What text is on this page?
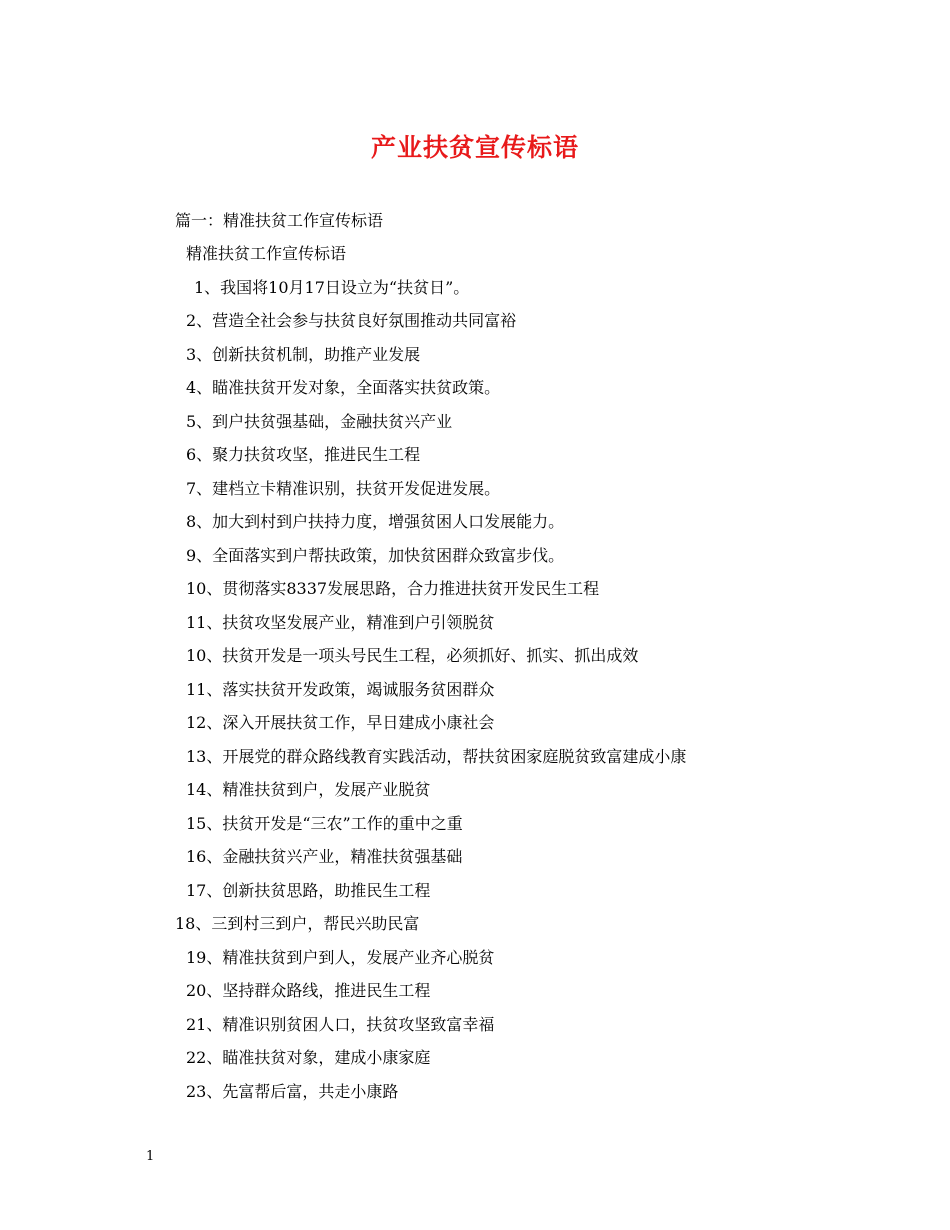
产业扶贫宣传标语
篇一：精准扶贫工作宣传标语
精准扶贫工作宣传标语
1、我国将10月17日设立为“扶贫日”。
2、营造全社会参与扶贫良好氛围推动共同富裕
3、创新扶贫机制，助推产业发展
4、瞄准扶贫开发对象，全面落实扶贫政策。
5、到户扶贫强基础，金融扶贫兴产业
6、聚力扶贫攻坚，推进民生工程
7、建档立卡精准识别，扶贫开发促进发展。
8、加大到村到户扶持力度，增强贫困人口发展能力。
9、全面落实到户帮扶政策，加快贫困群众致富步伐。
10、贯彻落实8337发展思路，合力推进扶贫开发民生工程
11、扶贫攻坚发展产业，精准到户引领脱贫
10、扶贫开发是一项头号民生工程，必须抓好、抓实、抓出成效
11、落实扶贫开发政策，竭诚服务贫困群众
12、深入开展扶贫工作，早日建成小康社会
13、开展党的群众路线教育实践活动，帮扶贫困家庭脱贫致富建成小康
14、精准扶贫到户，发展产业脱贫
15、扶贫开发是“三农”工作的重中之重
16、金融扶贫兴产业，精准扶贫强基础
17、创新扶贫思路，助推民生工程
18、三到村三到户，帮民兴助民富
19、精准扶贫到户到人，发展产业齐心脱贫
20、坚持群众路线，推进民生工程
21、精准识别贫困人口，扶贫攻坚致富幸福
22、瞄准扶贫对象，建成小康家庭
23、先富帮后富，共走小康路
1
